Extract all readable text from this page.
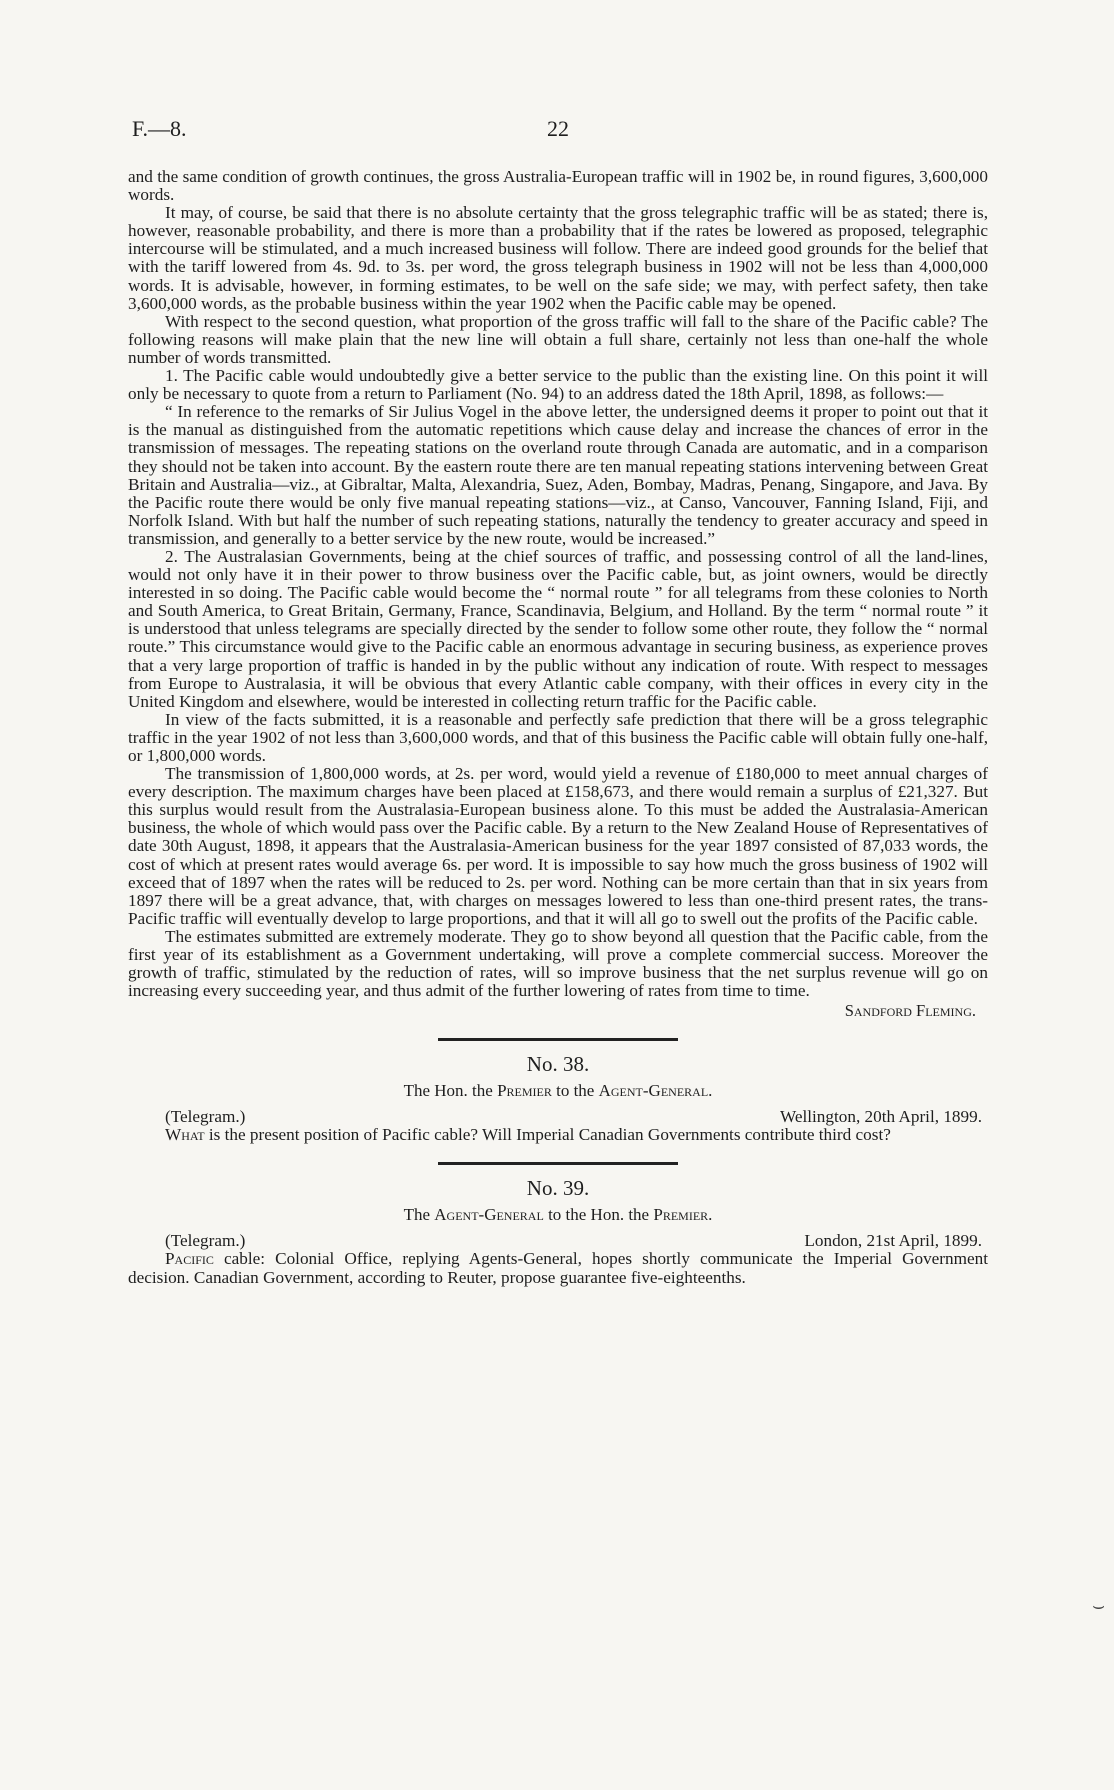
F.—8.	22

and the same condition of growth continues, the gross Australia-European traffic will in 1902 be, in round figures, 3,600,000 words.

It may, of course, be said that there is no absolute certainty that the gross telegraphic traffic will be as stated; there is, however, reasonable probability, and there is more than a probability that if the rates be lowered as proposed, telegraphic intercourse will be stimulated, and a much increased business will follow. There are indeed good grounds for the belief that with the tariff lowered from 4s. 9d. to 3s. per word, the gross telegraph business in 1902 will not be less than 4,000,000 words. It is advisable, however, in forming estimates, to be well on the safe side; we may, with perfect safety, then take 3,600,000 words, as the probable business within the year 1902 when the Pacific cable may be opened.

With respect to the second question, what proportion of the gross traffic will fall to the share of the Pacific cable? The following reasons will make plain that the new line will obtain a full share, certainly not less than one-half the whole number of words transmitted.

1. The Pacific cable would undoubtedly give a better service to the public than the existing line. On this point it will only be necessary to quote from a return to Parliament (No. 94) to an address dated the 18th April, 1898, as follows:—

“ In reference to the remarks of Sir Julius Vogel in the above letter, the undersigned deems it proper to point out that it is the manual as distinguished from the automatic repetitions which cause delay and increase the chances of error in the transmission of messages. The repeating stations on the overland route through Canada are automatic, and in a comparison they should not be taken into account. By the eastern route there are ten manual repeating stations intervening between Great Britain and Australia—viz., at Gibraltar, Malta, Alexandria, Suez, Aden, Bombay, Madras, Penang, Singapore, and Java. By the Pacific route there would be only five manual repeating stations—viz., at Canso, Vancouver, Fanning Island, Fiji, and Norfolk Island. With but half the number of such repeating stations, naturally the tendency to greater accuracy and speed in transmission, and generally to a better service by the new route, would be increased.”

2. The Australasian Governments, being at the chief sources of traffic, and possessing control of all the land-lines, would not only have it in their power to throw business over the Pacific cable, but, as joint owners, would be directly interested in so doing. The Pacific cable would become the “ normal route ” for all telegrams from these colonies to North and South America, to Great Britain, Germany, France, Scandinavia, Belgium, and Holland. By the term “ normal route ” it is understood that unless telegrams are specially directed by the sender to follow some other route, they follow the “ normal route.” This circumstance would give to the Pacific cable an enormous advantage in securing business, as experience proves that a very large proportion of traffic is handed in by the public without any indication of route. With respect to messages from Europe to Australasia, it will be obvious that every Atlantic cable company, with their offices in every city in the United Kingdom and elsewhere, would be interested in collecting return traffic for the Pacific cable.

In view of the facts submitted, it is a reasonable and perfectly safe prediction that there will be a gross telegraphic traffic in the year 1902 of not less than 3,600,000 words, and that of this business the Pacific cable will obtain fully one-half, or 1,800,000 words.

The transmission of 1,800,000 words, at 2s. per word, would yield a revenue of £180,000 to meet annual charges of every description. The maximum charges have been placed at £158,673, and there would remain a surplus of £21,327. But this surplus would result from the Australasia-European business alone. To this must be added the Australasia-American business, the whole of which would pass over the Pacific cable. By a return to the New Zealand House of Representatives of date 30th August, 1898, it appears that the Australasia-American business for the year 1897 consisted of 87,033 words, the cost of which at present rates would average 6s. per word. It is impossible to say how much the gross business of 1902 will exceed that of 1897 when the rates will be reduced to 2s. per word. Nothing can be more certain than that in six years from 1897 there will be a great advance, that, with charges on messages lowered to less than one-third present rates, the trans-Pacific traffic will eventually develop to large proportions, and that it will all go to swell out the profits of the Pacific cable.

The estimates submitted are extremely moderate. They go to show beyond all question that the Pacific cable, from the first year of its establishment as a Government undertaking, will prove a complete commercial success. Moreover the growth of traffic, stimulated by the reduction of rates, will so improve business that the net surplus revenue will go on increasing every succeeding year, and thus admit of the further lowering of rates from time to time.

Sandford Fleming.
No. 38.
The Hon. the Premier to the Agent-General.
(Telegram.)	Wellington, 20th April, 1899.

What is the present position of Pacific cable? Will Imperial Canadian Governments contribute third cost?

No. 39.
The Agent-General to the Hon. the Premier.
(Telegram.)	London, 21st April, 1899.

Pacific cable: Colonial Office, replying Agents-General, hopes shortly communicate the Imperial Government decision. Canadian Government, according to Reuter, propose guarantee five-eighteenths.

⌣
